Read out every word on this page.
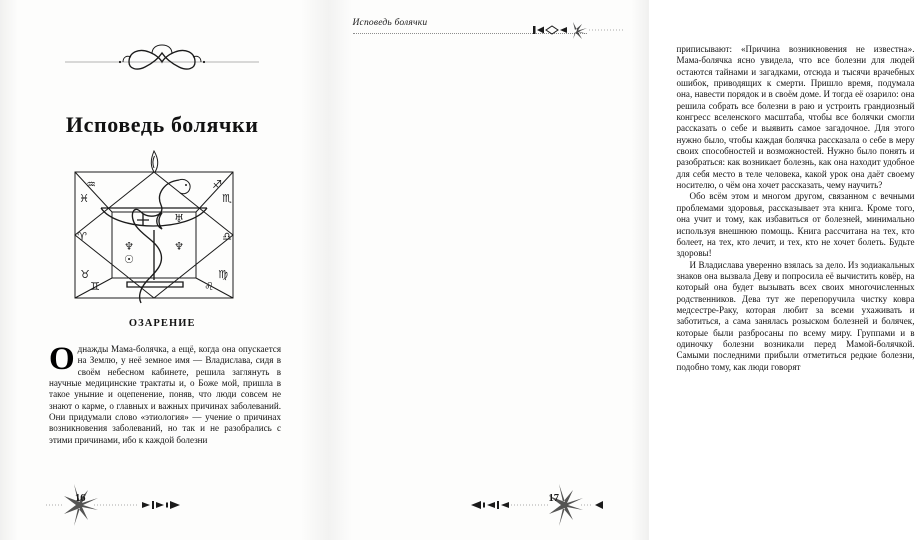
Исповедь болячки
♒	♐
♓	♏
♈	♎
♉	♍
♊	♌
♆
☉
♆
♅
ОЗАРЕНИЕ

Однажды Мама-болячка, а ещё, когда она опускается на Землю, у неё земное имя — Владислава, сидя в своём небесном кабинете, решила заглянуть в научные медицинские трактаты и, о Боже мой, пришла в такое уныние и оцепенение, поняв, что люди совсем не знают о карме, о главных и важных причинах заболеваний. Они придумали слово «этиология» — учение о причинах возникновения заболеваний, но так и не разобрались с этими причинами, ибо к каждой болезни

16
Исповедь болячки

приписывают: «Причина возникновения не известна». Мама-болячка ясно увидела, что все болезни для людей остаются тайнами и загадками, отсюда и тысячи врачебных ошибок, приводящих к смерти. Пришло время, подумала она, навести порядок и в своём доме. И тогда её озарило: она решила собрать все болезни в раю и устроить грандиозный конгресс вселенского масштаба, чтобы все болячки смогли рассказать о себе и выявить самое загадочное. Для этого нужно было, чтобы каждая болячка рассказала о себе в меру своих способностей и возможностей. Нужно было понять и разобраться: как возникает болезнь, как она находит удобное для себя место в теле человека, какой урок она даёт своему носителю, о чём она хочет рассказать, чему научить?

Обо всём этом и многом другом, связанном с вечными проблемами здоровья, рассказывает эта книга. Кроме того, она учит и тому, как избавиться от болезней, минимально используя внешнюю помощь. Книга рассчитана на тех, кто болеет, на тех, кто лечит, и тех, кто не хочет болеть. Будьте здоровы!

И Владислава уверенно взялась за дело. Из зодиакальных знаков она вызвала Деву и попросила её вычистить ковёр, на который она будет вызывать всех своих многочисленных родственников. Дева тут же перепоручила чистку ковра медсестре-Раку, которая любит за всеми ухаживать и заботиться, а сама занялась розыском болезней и болячек, которые были разбросаны по всему миру. Группами и в одиночку болезни возникали перед Мамой-болячкой. Самыми последними прибыли отметиться редкие болезни, подобно тому, как люди говорят

17
